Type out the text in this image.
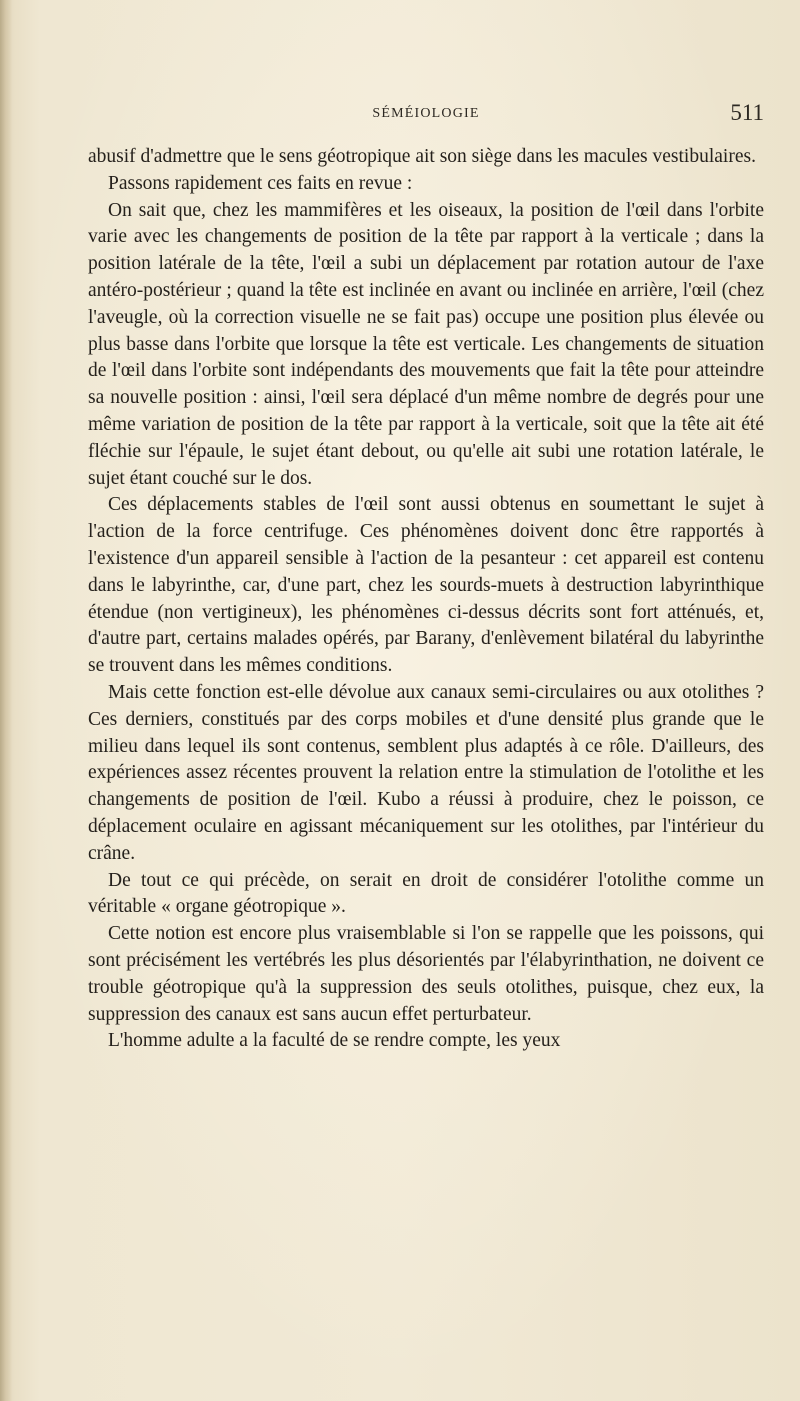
SÉMÉIOLOGIE	511

abusif d'admettre que le sens géotropique ait son siège dans les macules vestibulaires.

Passons rapidement ces faits en revue :

On sait que, chez les mammifères et les oiseaux, la position de l'œil dans l'orbite varie avec les changements de position de la tête par rapport à la verticale ; dans la position latérale de la tête, l'œil a subi un déplacement par rotation autour de l'axe antéro-postérieur ; quand la tête est inclinée en avant ou inclinée en arrière, l'œil (chez l'aveugle, où la correction visuelle ne se fait pas) occupe une position plus élevée ou plus basse dans l'orbite que lorsque la tête est verticale. Les changements de situation de l'œil dans l'orbite sont indépendants des mouvements que fait la tête pour atteindre sa nouvelle position : ainsi, l'œil sera déplacé d'un même nombre de degrés pour une même variation de position de la tête par rapport à la verticale, soit que la tête ait été fléchie sur l'épaule, le sujet étant debout, ou qu'elle ait subi une rotation latérale, le sujet étant couché sur le dos.

Ces déplacements stables de l'œil sont aussi obtenus en soumettant le sujet à l'action de la force centrifuge. Ces phénomènes doivent donc être rapportés à l'existence d'un appareil sensible à l'action de la pesanteur : cet appareil est contenu dans le labyrinthe, car, d'une part, chez les sourds-muets à destruction labyrinthique étendue (non vertigineux), les phénomènes ci-dessus décrits sont fort atténués, et, d'autre part, certains malades opérés, par Barany, d'enlèvement bilatéral du labyrinthe se trouvent dans les mêmes conditions.

Mais cette fonction est-elle dévolue aux canaux semi-circulaires ou aux otolithes ? Ces derniers, constitués par des corps mobiles et d'une densité plus grande que le milieu dans lequel ils sont contenus, semblent plus adaptés à ce rôle. D'ailleurs, des expériences assez récentes prouvent la relation entre la stimulation de l'otolithe et les changements de position de l'œil. Kubo a réussi à produire, chez le poisson, ce déplacement oculaire en agissant mécaniquement sur les otolithes, par l'intérieur du crâne.

De tout ce qui précède, on serait en droit de considérer l'otolithe comme un véritable « organe géotropique ».

Cette notion est encore plus vraisemblable si l'on se rappelle que les poissons, qui sont précisément les vertébrés les plus désorientés par l'élabyrinthation, ne doivent ce trouble géotropique qu'à la suppression des seuls otolithes, puisque, chez eux, la suppression des canaux est sans aucun effet perturbateur.

L'homme adulte a la faculté de se rendre compte, les yeux
